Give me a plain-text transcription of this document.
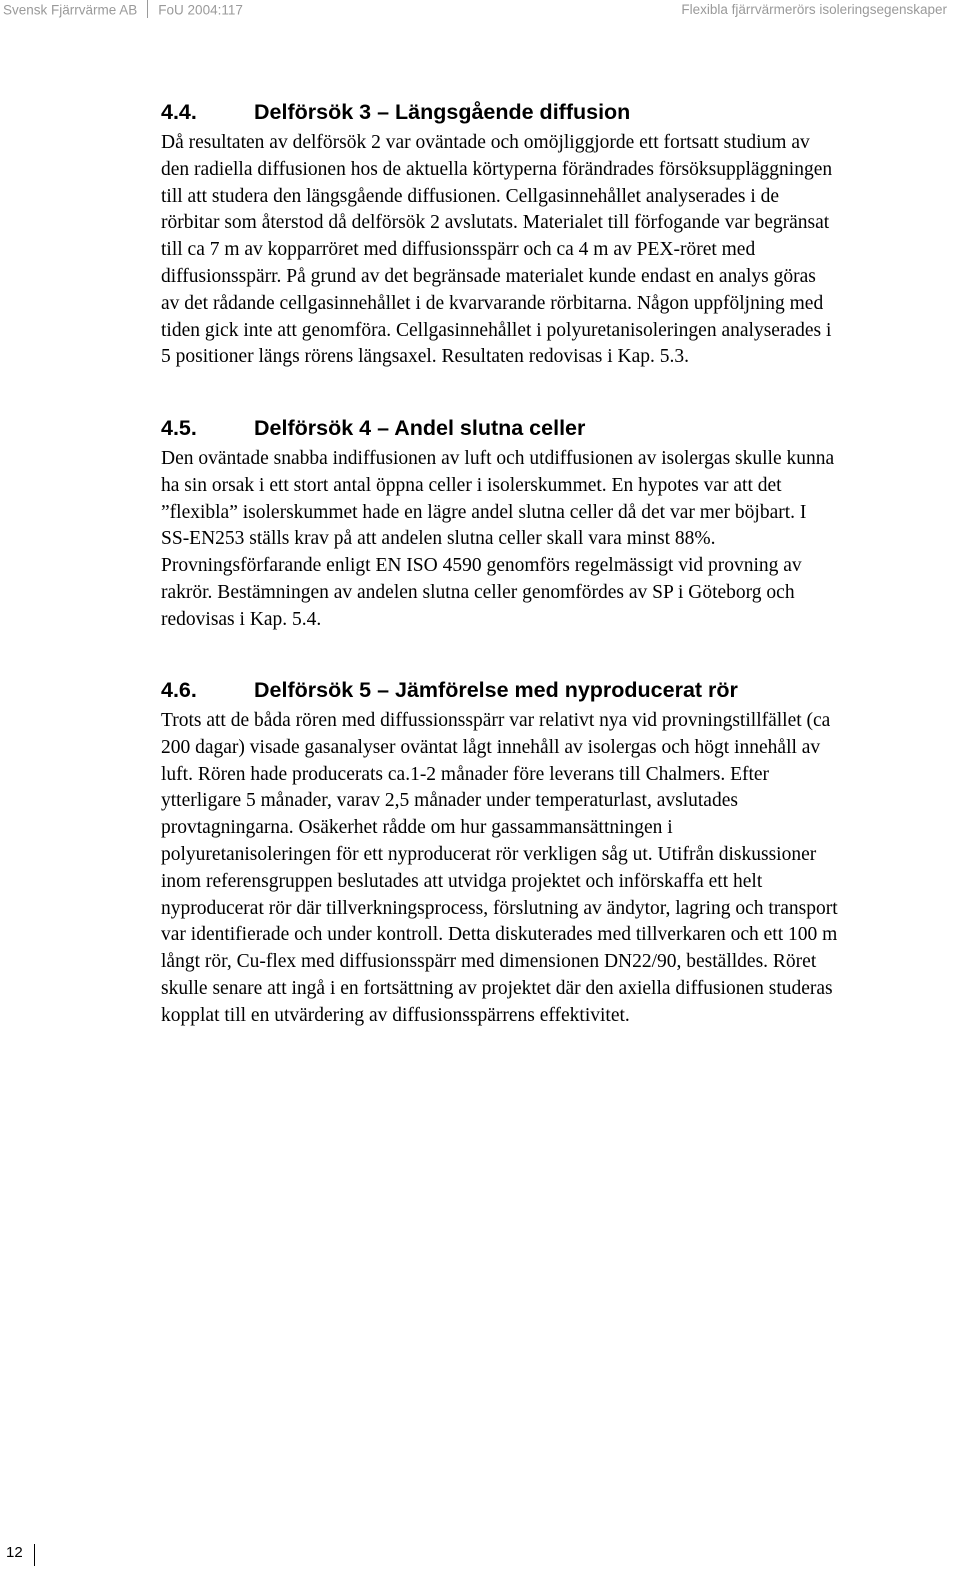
Svensk Fjärrvärme AB FoU 2004:117	Flexibla fjärrvärmerörs isoleringsegenskaper
4.4.	Delförsök 3 – Längsgående diffusion

Då resultaten av delförsök 2 var oväntade och omöjliggjorde ett fortsatt studium av
den radiella diffusionen hos de aktuella körtyperna förändrades försöksuppläggningen
till att studera den längsgående diffusionen. Cellgasinnehållet analyserades i de
rörbitar som återstod då delförsök 2 avslutats. Materialet till förfogande var begränsat
till ca 7 m av kopparröret med diffusionsspärr och ca 4 m av PEX-röret med
diffusionsspärr. På grund av det begränsade materialet kunde endast en analys göras
av det rådande cellgasinnehållet i de kvarvarande rörbitarna. Någon uppföljning med
tiden gick inte att genomföra. Cellgasinnehållet i polyuretanisoleringen analyserades i
5 positioner längs rörens längsaxel. Resultaten redovisas i Kap. 5.3.

4.5.	Delförsök 4 – Andel slutna celler

Den oväntade snabba indiffusionen av luft och utdiffusionen av isolergas skulle kunna
ha sin orsak i ett stort antal öppna celler i isolerskummet. En hypotes var att det
”flexibla” isolerskummet hade en lägre andel slutna celler då det var mer böjbart. I
SS-EN253 ställs krav på att andelen slutna celler skall vara minst 88%.
Provningsförfarande enligt EN ISO 4590 genomförs regelmässigt vid provning av
rakrör. Bestämningen av andelen slutna celler genomfördes av SP i Göteborg och
redovisas i Kap. 5.4.

4.6.	Delförsök 5 – Jämförelse med nyproducerat rör

Trots att de båda rören med diffussionsspärr var relativt nya vid provningstillfället (ca
200 dagar) visade gasanalyser oväntat lågt innehåll av isolergas och högt innehåll av
luft. Rören hade producerats ca.1-2 månader före leverans till Chalmers. Efter
ytterligare 5 månader, varav 2,5 månader under temperaturlast, avslutades
provtagningarna. Osäkerhet rådde om hur gassammansättningen i
polyuretanisoleringen för ett nyproducerat rör verkligen såg ut. Utifrån diskussioner
inom referensgruppen beslutades att utvidga projektet och införskaffa ett helt
nyproducerat rör där tillverkningsprocess, förslutning av ändytor, lagring och transport
var identifierade och under kontroll. Detta diskuterades med tillverkaren och ett 100 m
långt rör, Cu-flex med diffusionsspärr med dimensionen DN22/90, beställdes. Röret
skulle senare att ingå i en fortsättning av projektet där den axiella diffusionen studeras
kopplat till en utvärdering av diffusionsspärrens effektivitet.

12
